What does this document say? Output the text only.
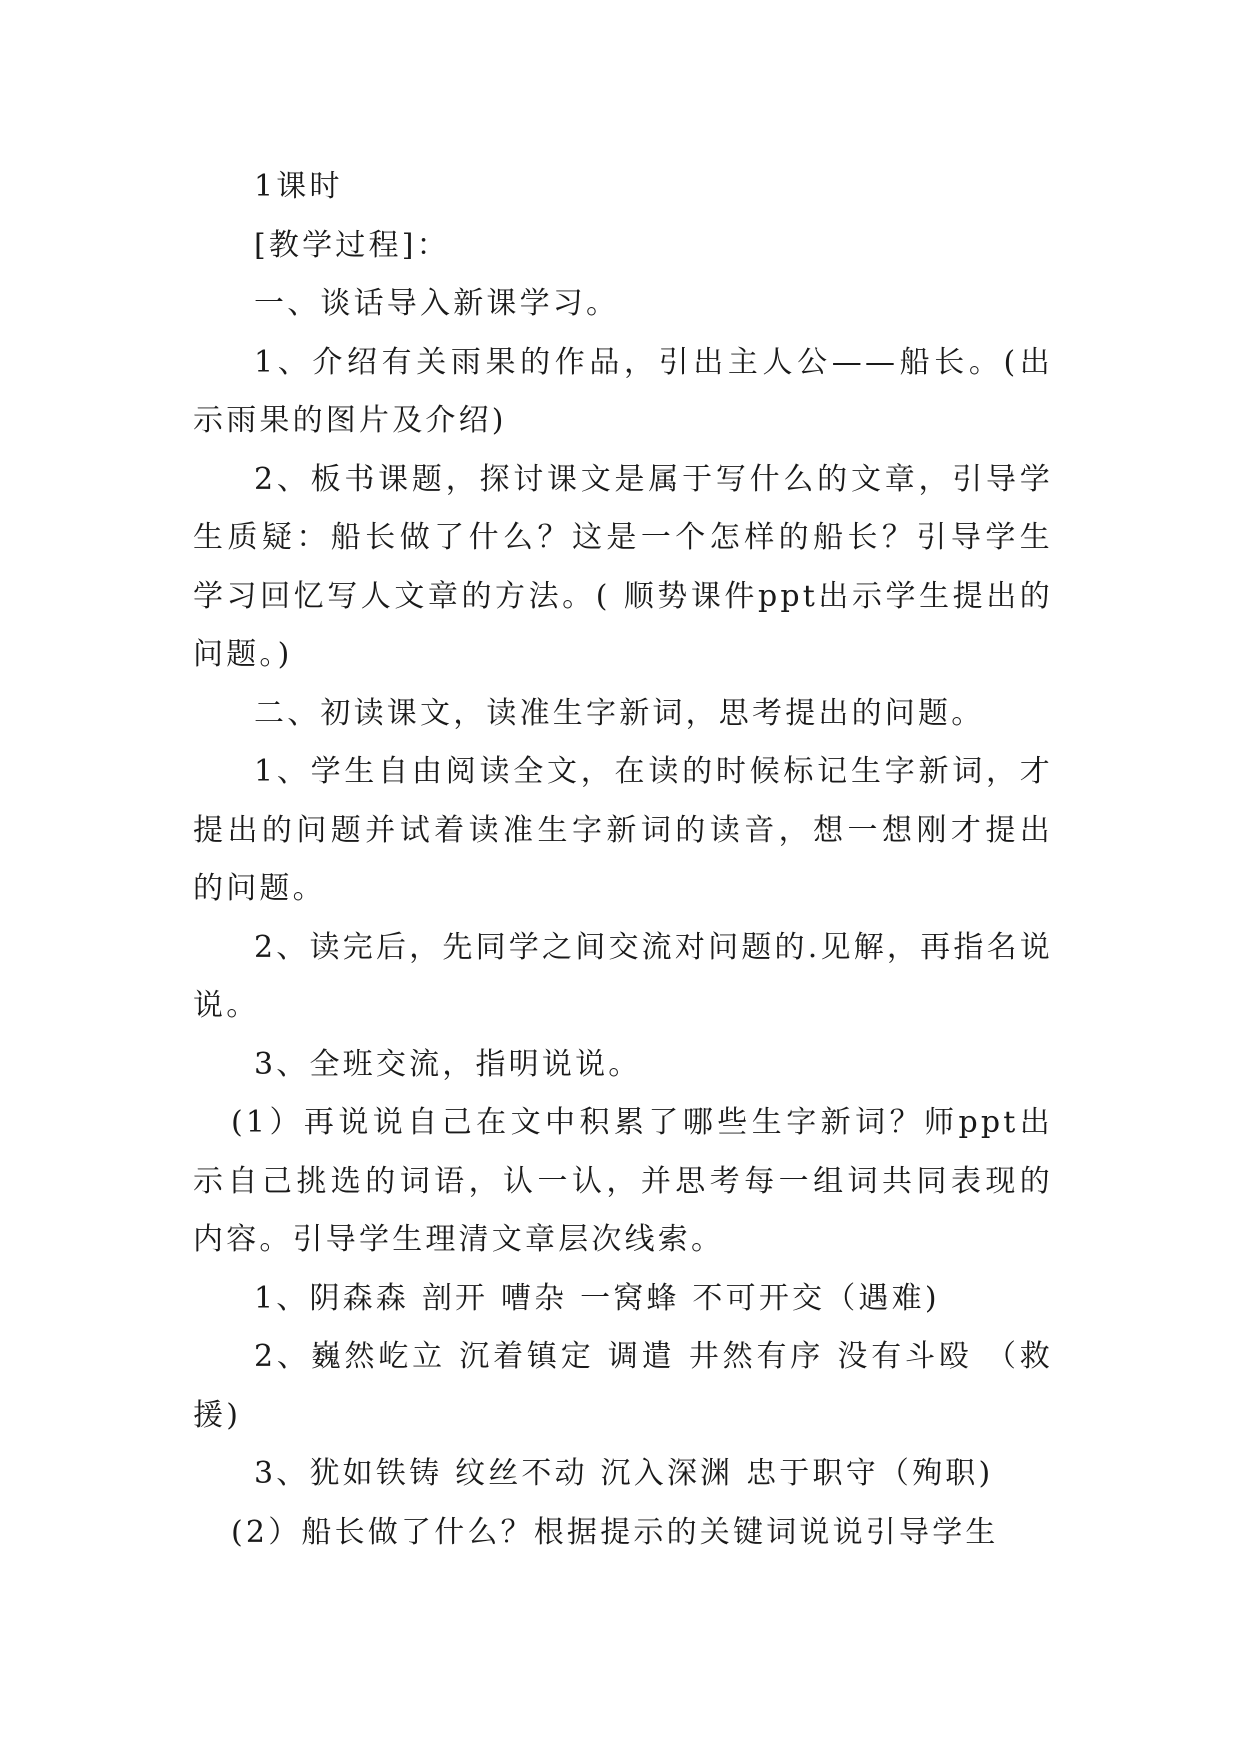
1课时

[教学过程]：

一、谈话导入新课学习。

1、介绍有关雨果的作品，引出主人公——船长。(出示雨果的图片及介绍)

2、板书课题，探讨课文是属于写什么的文章，引导学生质疑：船长做了什么？这是一个怎样的船长？引导学生学习回忆写人文章的方法。( 顺势课件ppt出示学生提出的问题。)

二、初读课文，读准生字新词，思考提出的问题。

1、学生自由阅读全文，在读的时候标记生字新词，才提出的问题并试着读准生字新词的读音，想一想刚才提出的问题。

2、读完后，先同学之间交流对问题的.见解，再指名说说。

3、全班交流，指明说说。

(1）再说说自己在文中积累了哪些生字新词？师ppt出示自己挑选的词语，认一认，并思考每一组词共同表现的内容。引导学生理清文章层次线索。

1、阴森森 剖开 嘈杂 一窝蜂 不可开交（遇难)

2、巍然屹立 沉着镇定 调遣 井然有序 没有斗殴 （救援)

3、犹如铁铸 纹丝不动 沉入深渊 忠于职守（殉职)

(2）船长做了什么？根据提示的关键词说说引导学生
